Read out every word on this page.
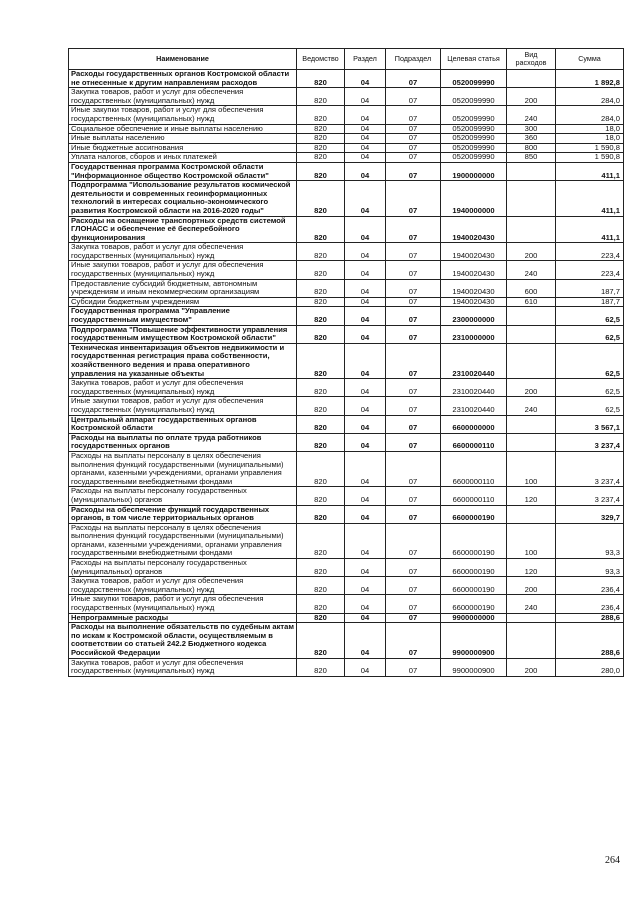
Наименование	Ведомство	Раздел	Подраздел	Целевая статья	Вид расходов	Сумма
Расходы государственных органов Костромской области не отнесенные к другим направлениям расходов	820	04	07	0520099990		1 892,8
Закупка товаров, работ и услуг для обеспечения государственных (муниципальных) нужд	820	04	07	0520099990	200	284,0
Иные закупки товаров, работ и услуг для обеспечения государственных (муниципальных) нужд	820	04	07	0520099990	240	284,0
Социальное обеспечение и иные выплаты населению	820	04	07	0520099990	300	18,0
Иные выплаты населению	820	04	07	0520099990	360	18,0
Иные бюджетные ассигнования	820	04	07	0520099990	800	1 590,8
Уплата налогов, сборов и иных платежей	820	04	07	0520099990	850	1 590,8
Государственная программа Костромской области "Информационное общество Костромской области"	820	04	07	1900000000		411,1
Подпрограмма "Использование результатов космической деятельности и современных геоинформационных технологий в интересах социально-экономического развития Костромской области на 2016-2020 годы"	820	04	07	1940000000		411,1
Расходы на оснащение транспортных средств системой ГЛОНАСС и обеспечение её бесперебойного функционирования	820	04	07	1940020430		411,1
Закупка товаров, работ и услуг для обеспечения государственных (муниципальных) нужд	820	04	07	1940020430	200	223,4
Иные закупки товаров, работ и услуг для обеспечения государственных (муниципальных) нужд	820	04	07	1940020430	240	223,4
Предоставление субсидий бюджетным, автономным учреждениям и иным некоммерческим организациям	820	04	07	1940020430	600	187,7
Субсидии бюджетным учреждениям	820	04	07	1940020430	610	187,7
Государственная программа "Управление государственным имуществом"	820	04	07	2300000000		62,5
Подпрограмма "Повышение эффективности управления государственным имуществом Костромской области"	820	04	07	2310000000		62,5
Техническая инвентаризация объектов недвижимости и государственная регистрация права собственности, хозяйственного ведения и права оперативного управления на указанные объекты	820	04	07	2310020440		62,5
Закупка товаров, работ и услуг для обеспечения государственных (муниципальных) нужд	820	04	07	2310020440	200	62,5
Иные закупки товаров, работ и услуг для обеспечения государственных (муниципальных) нужд	820	04	07	2310020440	240	62,5
Центральный аппарат государственных органов Костромской области	820	04	07	6600000000		3 567,1
Расходы на выплаты по оплате труда работников государственных органов	820	04	07	6600000110		3 237,4
Расходы на выплаты персоналу в целях обеспечения выполнения функций государственными (муниципальными) органами, казенными учреждениями, органами управления государственными внебюджетными фондами	820	04	07	6600000110	100	3 237,4
Расходы на выплаты персоналу государственных (муниципальных) органов	820	04	07	6600000110	120	3 237,4
Расходы на обеспечение функций государственных органов, в том числе территориальных органов	820	04	07	6600000190		329,7
Расходы на выплаты персоналу в целях обеспечения выполнения функций государственными (муниципальными) органами, казенными учреждениями, органами управления государственными внебюджетными фондами	820	04	07	6600000190	100	93,3
Расходы на выплаты персоналу государственных (муниципальных) органов	820	04	07	6600000190	120	93,3
Закупка товаров, работ и услуг для обеспечения государственных (муниципальных) нужд	820	04	07	6600000190	200	236,4
Иные закупки товаров, работ и услуг для обеспечения государственных (муниципальных) нужд	820	04	07	6600000190	240	236,4
Непрограммные расходы	820	04	07	9900000000		288,6
Расходы на выполнение обязательств по судебным актам по искам к Костромской области, осуществляемым в соответствии со статьей 242.2 Бюджетного кодекса Российской Федерации	820	04	07	9900000900		288,6
Закупка товаров, работ и услуг для обеспечения государственных (муниципальных) нужд	820	04	07	9900000900	200	280,0
264
